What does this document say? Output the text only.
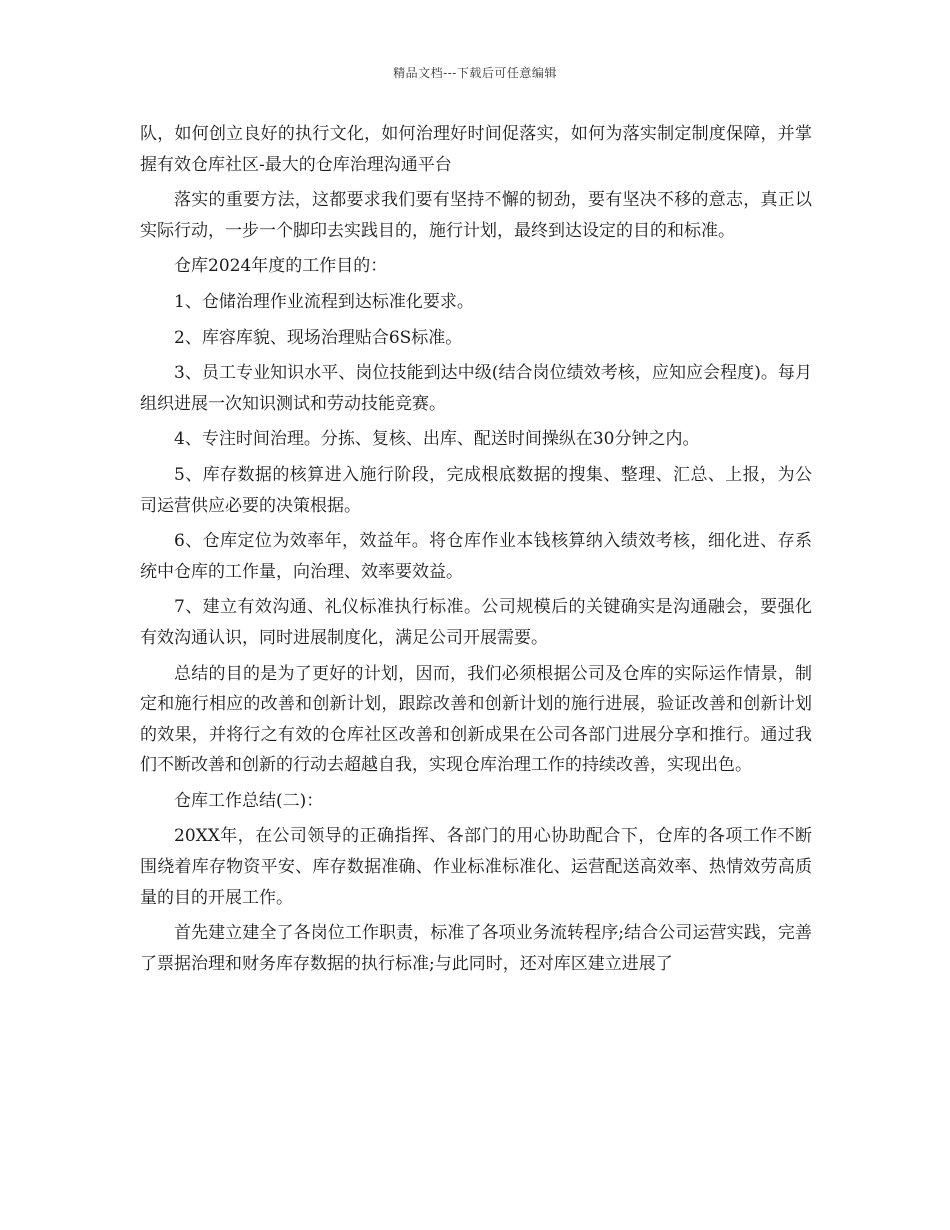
精品文档---下载后可任意编辑

队，如何创立良好的执行文化，如何治理好时间促落实，如何为落实制定制度保障，并掌握有效仓库社区-最大的仓库治理沟通平台

落实的重要方法，这都要求我们要有坚持不懈的韧劲，要有坚决不移的意志，真正以实际行动，一步一个脚印去实践目的，施行计划，最终到达设定的目的和标准。

仓库2024年度的工作目的：

1、仓储治理作业流程到达标准化要求。

2、库容库貌、现场治理贴合6S标准。

3、员工专业知识水平、岗位技能到达中级(结合岗位绩效考核，应知应会程度)。每月组织进展一次知识测试和劳动技能竞赛。

4、专注时间治理。分拣、复核、出库、配送时间操纵在30分钟之内。

5、库存数据的核算进入施行阶段，完成根底数据的搜集、整理、汇总、上报，为公司运营供应必要的决策根据。

6、仓库定位为效率年，效益年。将仓库作业本钱核算纳入绩效考核，细化进、存系统中仓库的工作量，向治理、效率要效益。

7、建立有效沟通、礼仪标准执行标准。公司规模后的关键确实是沟通融会，要强化有效沟通认识，同时进展制度化，满足公司开展需要。

总结的目的是为了更好的计划，因而，我们必须根据公司及仓库的实际运作情景，制定和施行相应的改善和创新计划，跟踪改善和创新计划的施行进展，验证改善和创新计划的效果，并将行之有效的仓库社区改善和创新成果在公司各部门进展分享和推行。通过我们不断改善和创新的行动去超越自我，实现仓库治理工作的持续改善，实现出色。

仓库工作总结(二)：

20XX年，在公司领导的正确指挥、各部门的用心协助配合下，仓库的各项工作不断围绕着库存物资平安、库存数据准确、作业标准标准化、运营配送高效率、热情效劳高质量的目的开展工作。

首先建立建全了各岗位工作职责，标准了各项业务流转程序;结合公司运营实践，完善了票据治理和财务库存数据的执行标准;与此同时，还对库区建立进展了
